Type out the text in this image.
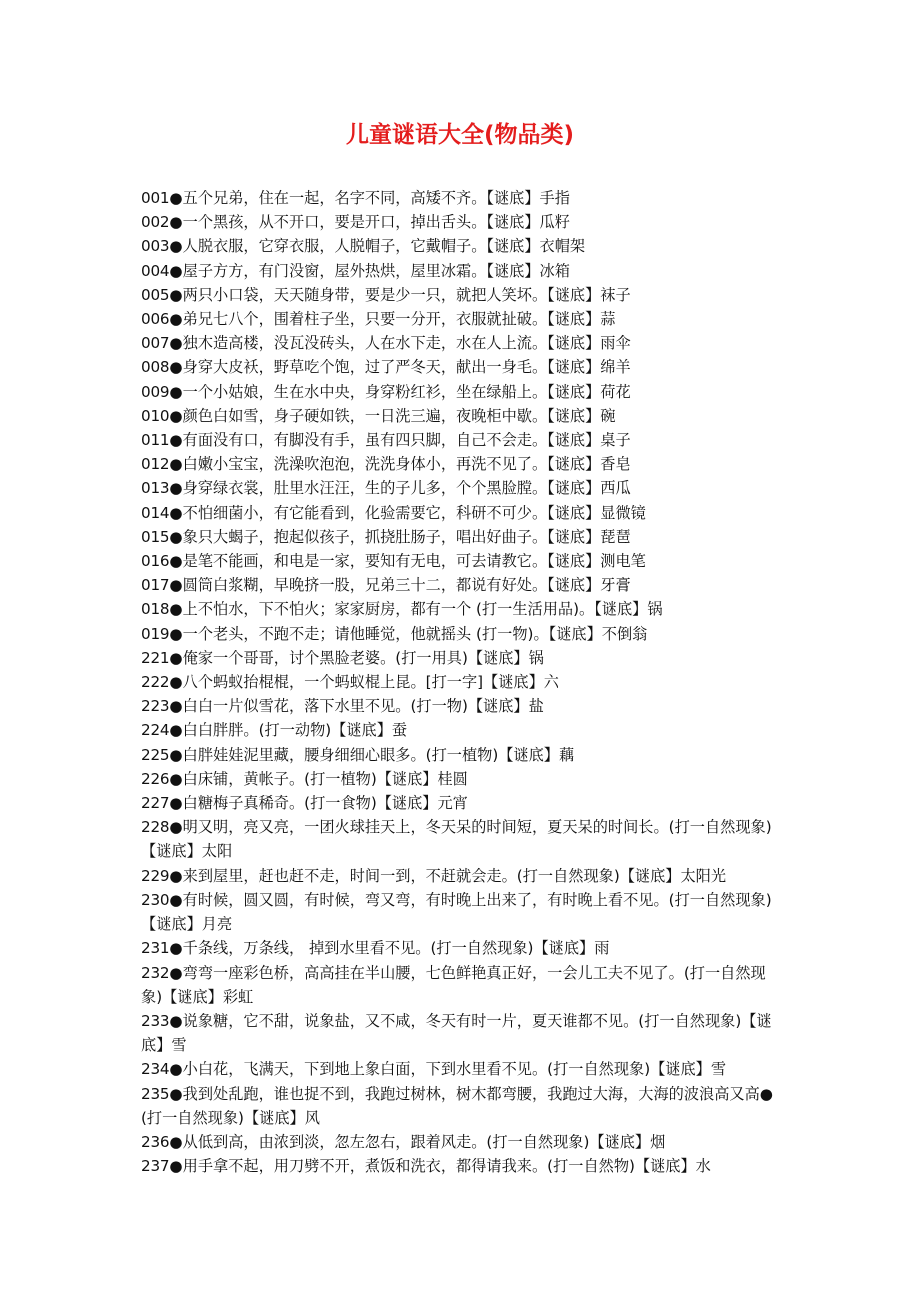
儿童谜语大全(物品类)

001●五个兄弟，住在一起，名字不同，高矮不齐。【谜底】手指

002●一个黑孩，从不开口，要是开口，掉出舌头。【谜底】瓜籽

003●人脱衣服，它穿衣服，人脱帽子，它戴帽子。【谜底】衣帽架

004●屋子方方，有门没窗，屋外热烘，屋里冰霜。【谜底】冰箱

005●两只小口袋，天天随身带，要是少一只，就把人笑坏。【谜底】袜子

006●弟兄七八个，围着柱子坐，只要一分开，衣服就扯破。【谜底】蒜

007●独木造高楼，没瓦没砖头，人在水下走，水在人上流。【谜底】雨伞

008●身穿大皮袄，野草吃个饱，过了严冬天，献出一身毛。【谜底】绵羊

009●一个小姑娘，生在水中央，身穿粉红衫，坐在绿船上。【谜底】荷花

010●颜色白如雪，身子硬如铁，一日洗三遍，夜晚柜中歇。【谜底】碗

011●有面没有口，有脚没有手，虽有四只脚，自己不会走。【谜底】桌子

012●白嫩小宝宝，洗澡吹泡泡，洗洗身体小，再洗不见了。【谜底】香皂

013●身穿绿衣裳，肚里水汪汪，生的子儿多，个个黑脸膛。【谜底】西瓜

014●不怕细菌小，有它能看到，化验需要它，科研不可少。【谜底】显微镜

015●象只大蝎子，抱起似孩子，抓挠肚肠子，唱出好曲子。【谜底】琵琶

016●是笔不能画，和电是一家，要知有无电，可去请教它。【谜底】测电笔

017●圆筒白浆糊，早晚挤一股，兄弟三十二，都说有好处。【谜底】牙膏

018●上不怕水，下不怕火；家家厨房，都有一个 (打一生活用品)。【谜底】锅

019●一个老头，不跑不走；请他睡觉，他就摇头 (打一物)。【谜底】不倒翁

221●俺家一个哥哥，讨个黑脸老婆。(打一用具)【谜底】锅

222●八个蚂蚁抬棍棍，一个蚂蚁棍上昆。[打一字]【谜底】六

223●白白一片似雪花，落下水里不见。(打一物)【谜底】盐

224●白白胖胖。(打一动物)【谜底】蚕

225●白胖娃娃泥里藏，腰身细细心眼多。(打一植物)【谜底】藕

226●白床铺，黄帐子。(打一植物)【谜底】桂圆

227●白糖梅子真稀奇。(打一食物)【谜底】元宵

228●明又明，亮又亮，一团火球挂天上，冬天呆的时间短，夏天呆的时间长。(打一自然现象)【谜底】太阳

229●来到屋里，赶也赶不走，时间一到，不赶就会走。(打一自然现象)【谜底】太阳光

230●有时候，圆又圆，有时候，弯又弯，有时晚上出来了，有时晚上看不见。(打一自然现象)【谜底】月亮

231●千条线，万条线， 掉到水里看不见。(打一自然现象)【谜底】雨

232●弯弯一座彩色桥，高高挂在半山腰，七色鲜艳真正好，一会儿工夫不见了。(打一自然现象)【谜底】彩虹

233●说象糖，它不甜，说象盐，又不咸，冬天有时一片，夏天谁都不见。(打一自然现象)【谜底】雪

234●小白花，飞满天，下到地上象白面，下到水里看不见。(打一自然现象)【谜底】雪

235●我到处乱跑，谁也捉不到，我跑过树林，树木都弯腰，我跑过大海，大海的波浪高又高●(打一自然现象)【谜底】风

236●从低到高，由浓到淡，忽左忽右，跟着风走。(打一自然现象)【谜底】烟

237●用手拿不起，用刀劈不开，煮饭和洗衣，都得请我来。(打一自然物)【谜底】水
